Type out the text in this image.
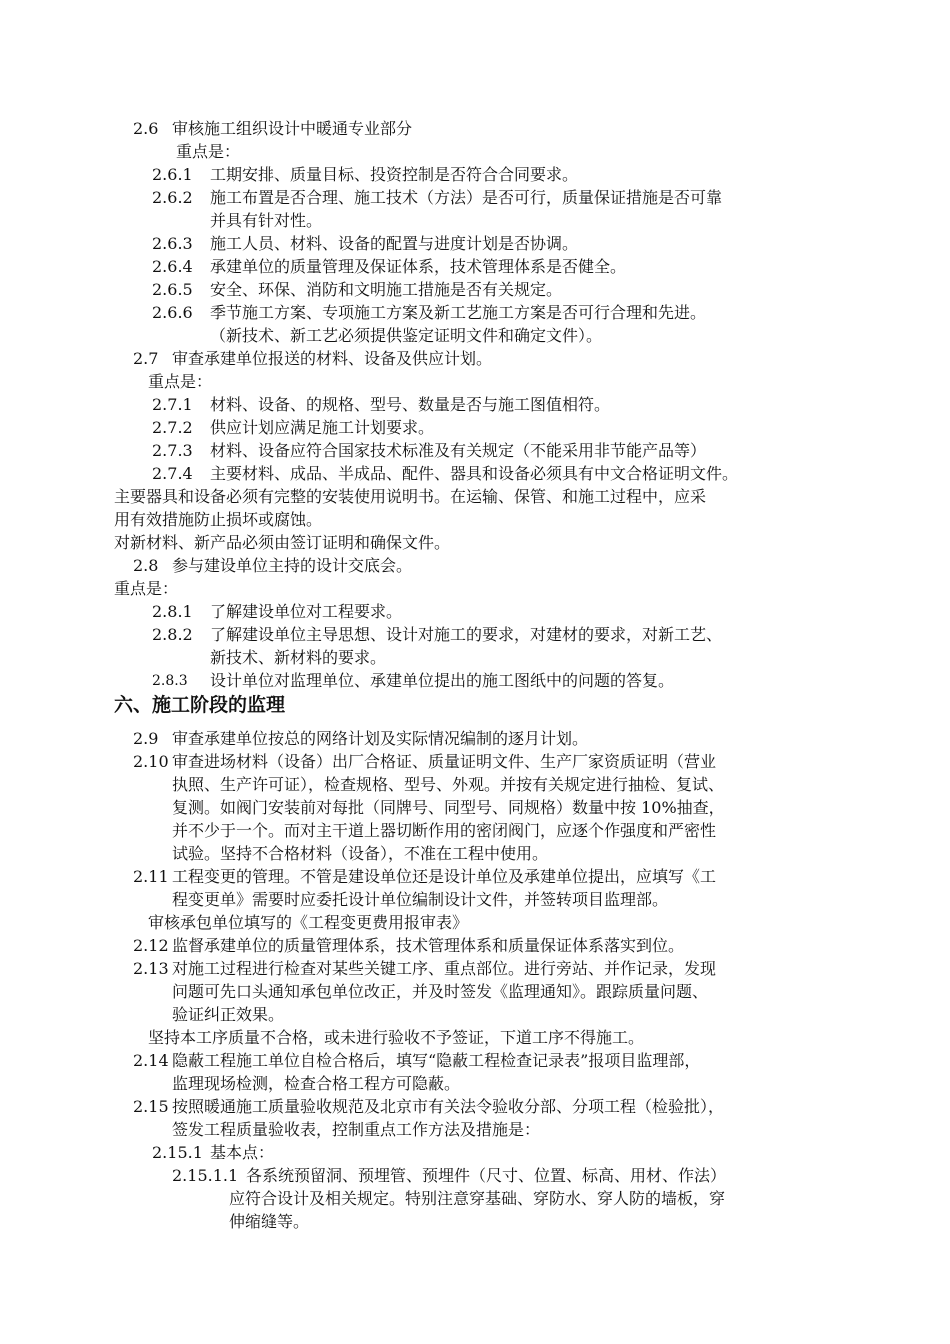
2.6 审核施工组织设计中暖通专业部分
重点是：
2.6.1 工期安排、质量目标、投资控制是否符合合同要求。
2.6.2 施工布置是否合理、施工技术（方法）是否可行，质量保证措施是否可靠
并具有针对性。
2.6.3 施工人员、材料、设备的配置与进度计划是否协调。
2.6.4 承建单位的质量管理及保证体系，技术管理体系是否健全。
2.6.5 安全、环保、消防和文明施工措施是否有关规定。
2.6.6 季节施工方案、专项施工方案及新工艺施工方案是否可行合理和先进。
（新技术、新工艺必须提供鉴定证明文件和确定文件）。
2.7 审查承建单位报送的材料、设备及供应计划。
重点是：
2.7.1 材料、设备、的规格、型号、数量是否与施工图值相符。
2.7.2 供应计划应满足施工计划要求。
2.7.3 材料、设备应符合国家技术标准及有关规定（不能采用非节能产品等）
2.7.4 主要材料、成品、半成品、配件、器具和设备必须具有中文合格证明文件。
主要器具和设备必须有完整的安装使用说明书。在运输、保管、和施工过程中，应采
用有效措施防止损坏或腐蚀。
对新材料、新产品必须由签订证明和确保文件。
2.8 参与建设单位主持的设计交底会。
重点是：
2.8.1 了解建设单位对工程要求。
2.8.2 了解建设单位主导思想、设计对施工的要求，对建材的要求，对新工艺、
新技术、新材料的要求。
2.8.3 设计单位对监理单位、承建单位提出的施工图纸中的问题的答复。
六、施工阶段的监理
2.9 审查承建单位按总的网络计划及实际情况编制的逐月计划。
2.10 审查进场材料（设备）出厂合格证、质量证明文件、生产厂家资质证明（营业
执照、生产许可证），检查规格、型号、外观。并按有关规定进行抽检、复试、
复测。如阀门安装前对每批（同牌号、同型号、同规格）数量中按 10%抽查，
并不少于一个。而对主干道上器切断作用的密闭阀门，应逐个作强度和严密性
试验。坚持不合格材料（设备），不准在工程中使用。
2.11 工程变更的管理。不管是建设单位还是设计单位及承建单位提出，应填写《工
程变更单》需要时应委托设计单位编制设计文件，并签转项目监理部。
审核承包单位填写的《工程变更费用报审表》
2.12 监督承建单位的质量管理体系，技术管理体系和质量保证体系落实到位。
2.13 对施工过程进行检查对某些关键工序、重点部位。进行旁站、并作记录，发现
问题可先口头通知承包单位改正，并及时签发《监理通知》。跟踪质量问题、
验证纠正效果。
坚持本工序质量不合格，或未进行验收不予签证，下道工序不得施工。
2.14 隐蔽工程施工单位自检合格后，填写“隐蔽工程检查记录表”报项目监理部，
监理现场检测，检查合格工程方可隐蔽。
2.15 按照暖通施工质量验收规范及北京市有关法令验收分部、分项工程（检验批），
签发工程质量验收表，控制重点工作方法及措施是：
2.15.1 基本点：
2.15.1.1 各系统预留洞、预埋管、预埋件（尺寸、位置、标高、用材、作法）
应符合设计及相关规定。特别注意穿基础、穿防水、穿人防的墙板，穿
伸缩缝等。
